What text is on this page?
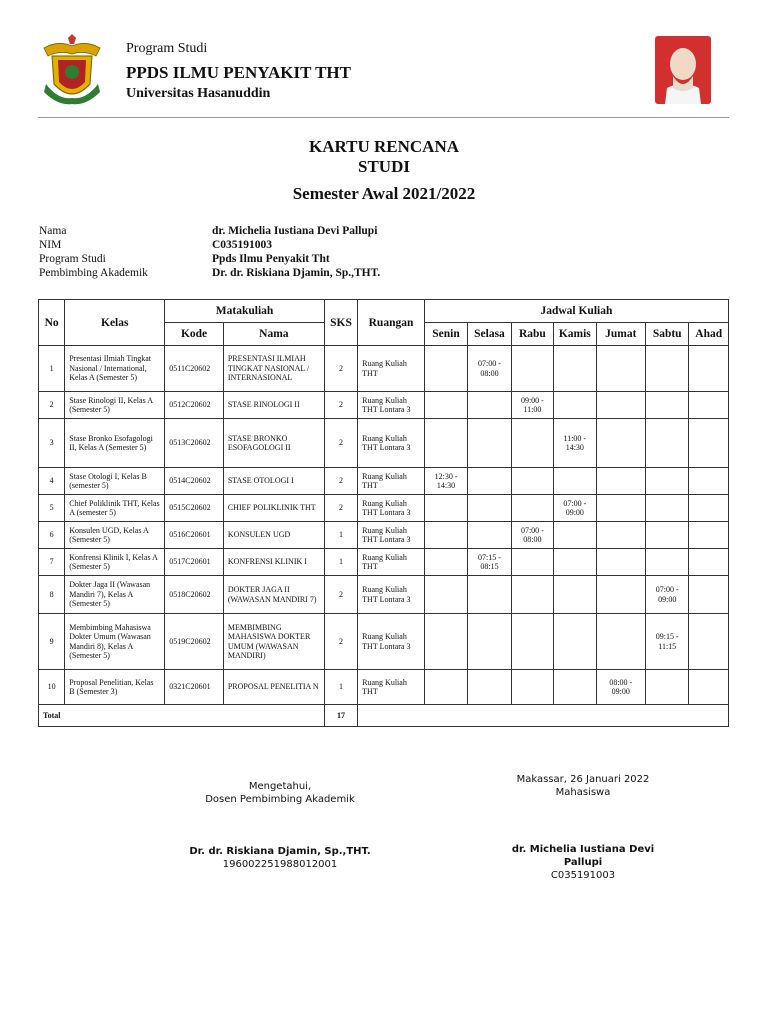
Program Studi
PPDS ILMU PENYAKIT THT
Universitas Hasanuddin
KARTU RENCANA
STUDI
Semester Awal 2021/2022
Nama	dr. Michelia Iustiana Devi Pallupi
NIM	C035191003
Program Studi	Ppds Ilmu Penyakit Tht
Pembimbing Akademik	Dr. dr. Riskiana Djamin, Sp.,THT.
No	Kelas	Matakuliah		SKS	Ruangan	Jadwal Kuliah						
		Kode	Nama			Senin	Selasa	Rabu	Kamis	Jumat	Sabtu	Ahad
1	Presentasi Ilmiah Tingkat Nasional / International, Kelas A (Semester 5)	0511C20602	PRESENTASI ILMIAH TINGKAT NASIONAL / INTERNASIONAL	2	Ruang Kuliah THT		07:00 - 08:00					
2	Stase Rinologi II, Kelas A (Semester 5)	0512C20602	STASE RINOLOGI II	2	Ruang Kuliah THT Lontara 3			09:00 - 11:00				
3	Stase Bronko Esofagologi II, Kelas A (Semester 5)	0513C20602	STASE BRONKO ESOFAGOLOGI II	2	Ruang Kuliah THT Lontara 3				11:00 - 14:30			
4	Stase Otologi I, Kelas B (semester 5)	0514C20602	STASE OTOLOGI I	2	Ruang Kuliah THT	12:30 - 14:30						
5	Chief Poliklinik THT, Kelas A (semester 5)	0515C20602	CHIEF POLIKLINIK THT	2	Ruang Kuliah THT Lontara 3				07:00 - 09:00			
6	Konsulen UGD, Kelas A (Semester 5)	0516C20601	KONSULEN UGD	1	Ruang Kuliah THT Lontara 3			07:00 - 08:00				
7	Konfrensi Klinik I, Kelas A (Semester 5)	0517C20601	KONFRENSI KLINIK I	1	Ruang Kuliah THT		07:15 - 08:15					
8	Dokter Jaga II (Wawasan Mandiri 7), Kelas A (Semester 5)	0518C20602	DOKTER JAGA II (WAWASAN MANDIRI 7)	2	Ruang Kuliah THT Lontara 3						07:00 - 09:00	
9	Membimbing Mahasiswa Dokter Umum (Wawasan Mandiri 8), Kelas A (Semester 5)	0519C20602	MEMBIMBING MAHASISWA DOKTER UMUM (WAWASAN MANDIRI)	2	Ruang Kuliah THT Lontara 3						09:15 - 11:15	
10	Proposal Penelitian, Kelas B (Semester 3)	0321C20601	PROPOSAL PENELITIA N	1	Ruang Kuliah THT					08:00 - 09:00		
Total				17								
Mengetahui,
Dosen Pembimbing Akademik
Dr. dr. Riskiana Djamin, Sp.,THT.
196002251988012001
Makassar, 26 Januari 2022
Mahasiswa
dr. Michelia Iustiana Devi Pallupi
C035191003
